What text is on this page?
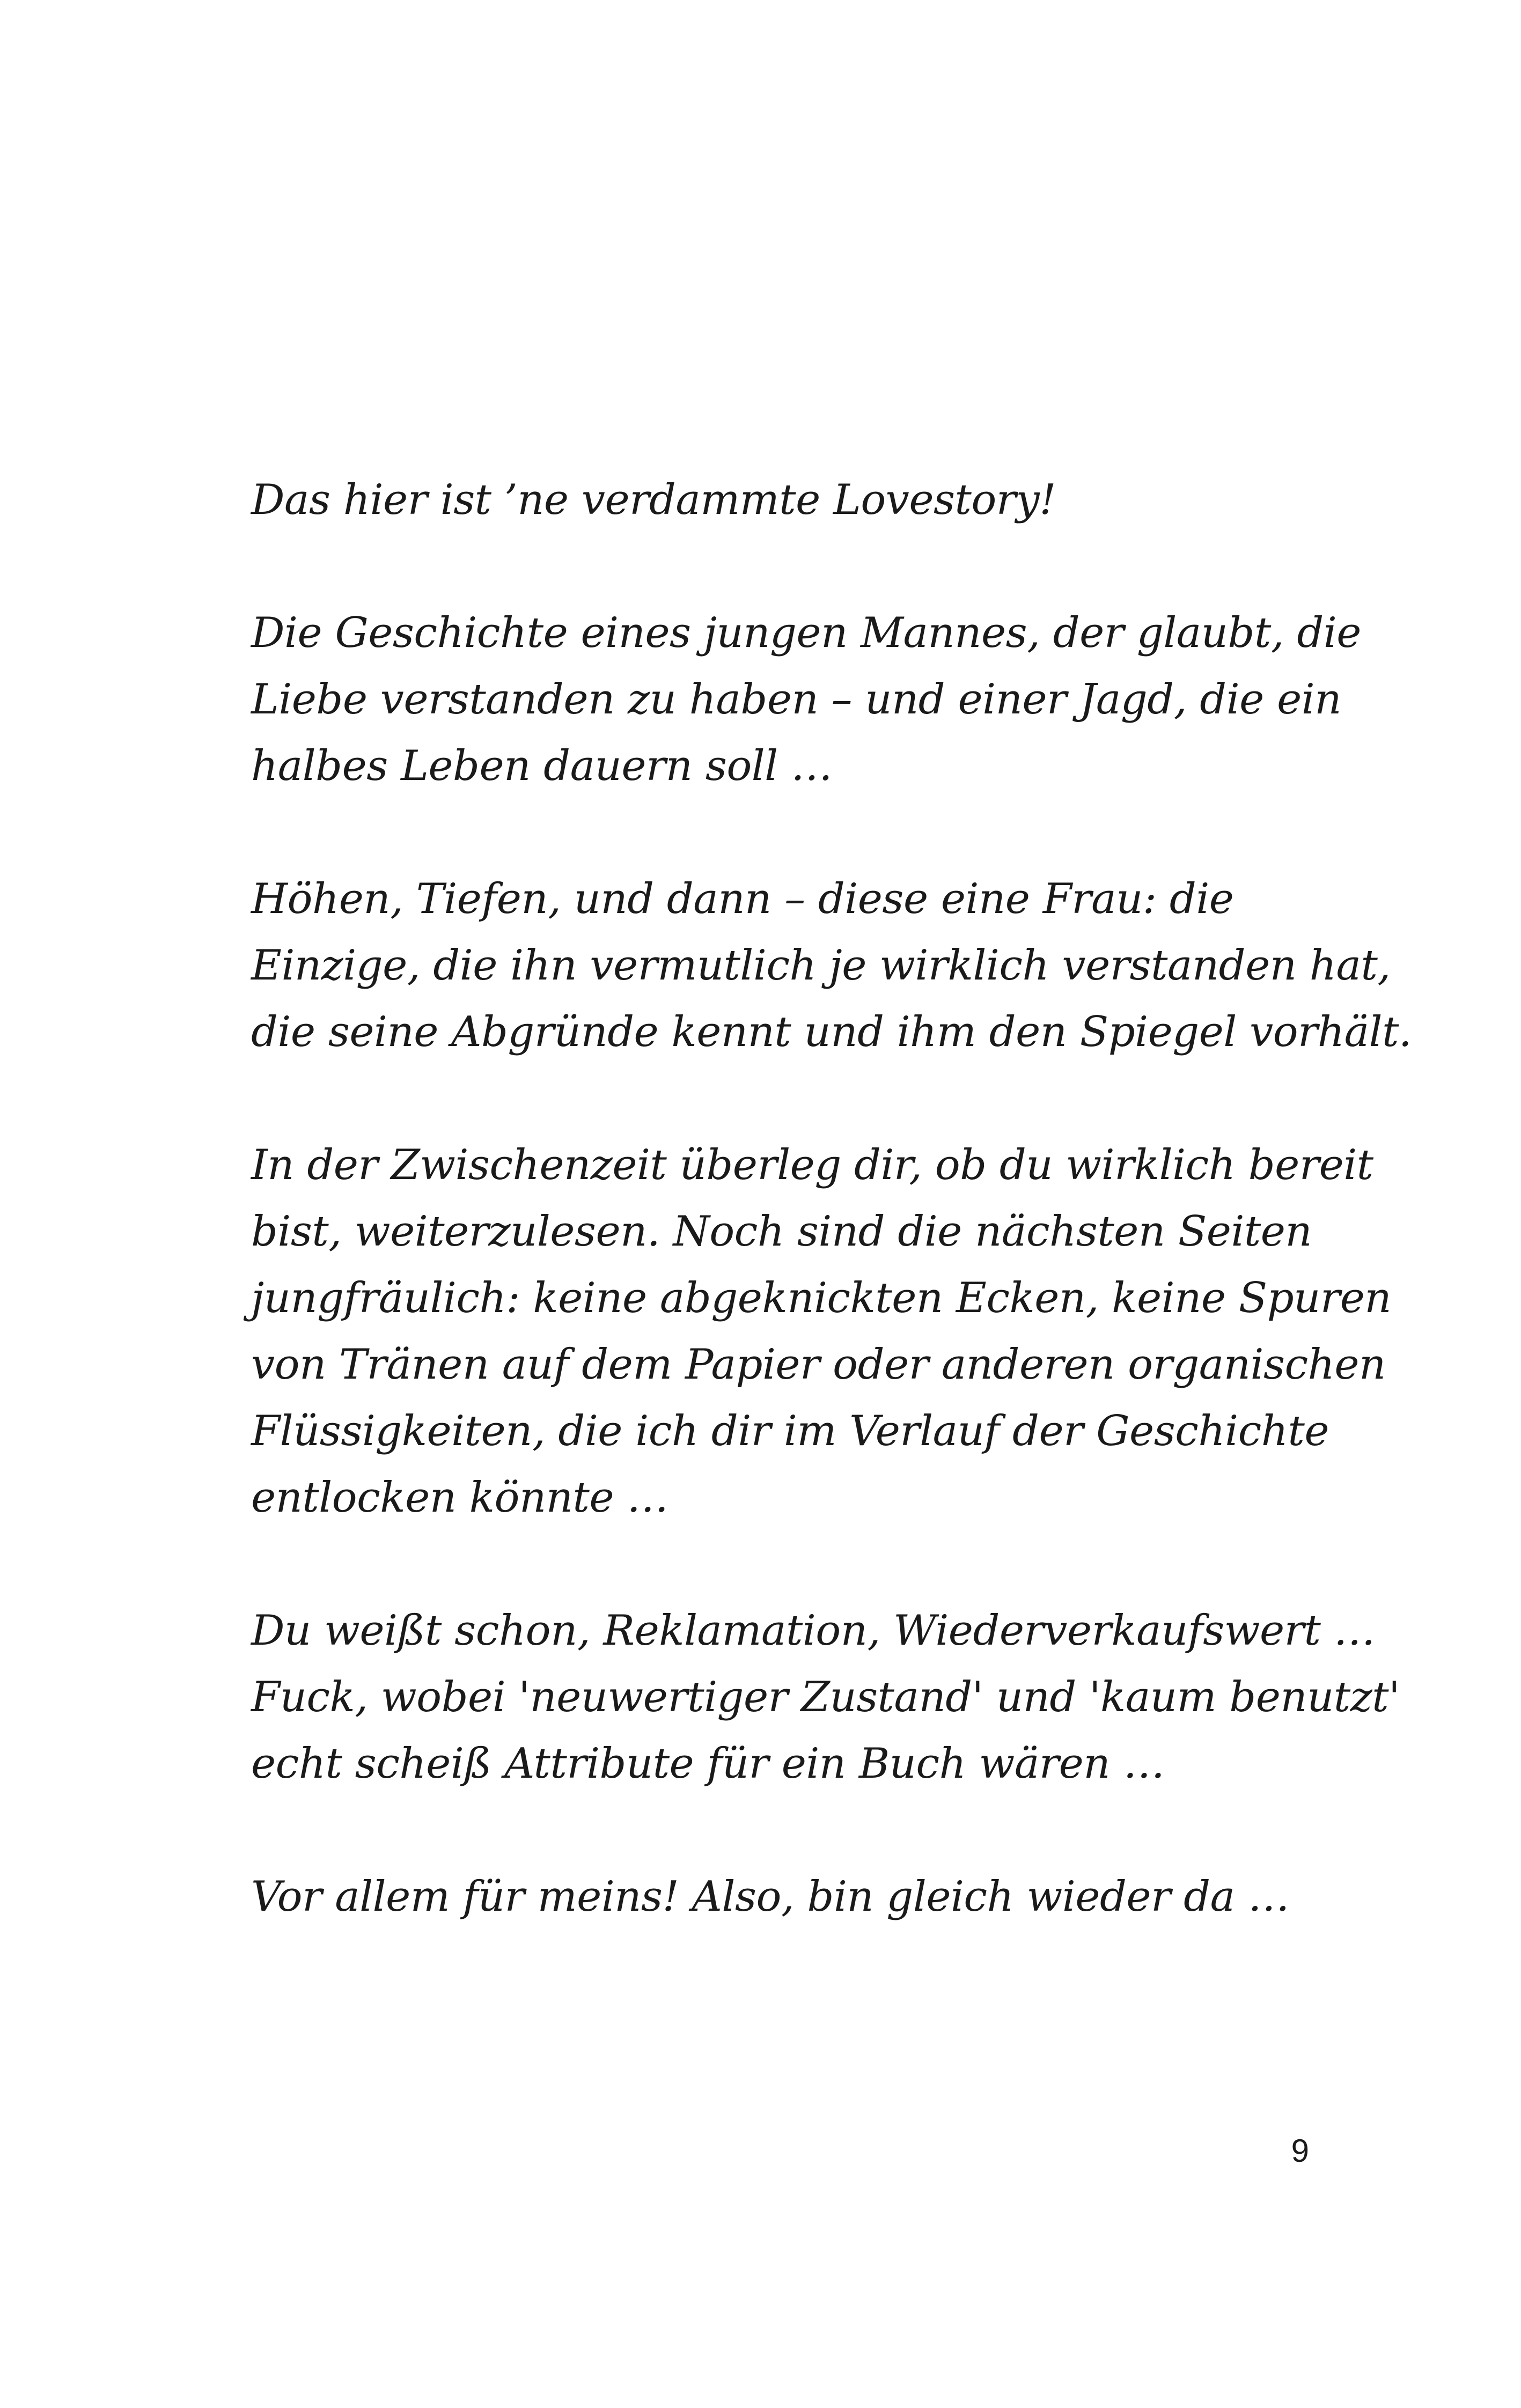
Das hier ist ’ne verdammte Lovestory!

Die Geschichte eines jungen Mannes, der glaubt, die
Liebe verstanden zu haben – und einer Jagd, die ein
halbes Leben dauern soll …

Höhen, Tiefen, und dann – diese eine Frau: die
Einzige, die ihn vermutlich je wirklich verstanden hat,
die seine Abgründe kennt und ihm den Spiegel vorhält.

In der Zwischenzeit überleg dir, ob du wirklich bereit
bist, weiterzulesen. Noch sind die nächsten Seiten
jungfräulich: keine abgeknickten Ecken, keine Spuren
von Tränen auf dem Papier oder anderen organischen
Flüssigkeiten, die ich dir im Verlauf der Geschichte
entlocken könnte …

Du weißt schon, Reklamation, Wiederverkaufswert …
Fuck, wobei 'neuwertiger Zustand' und 'kaum benutzt'
echt scheiß Attribute für ein Buch wären …

Vor allem für meins! Also, bin gleich wieder da …

9
